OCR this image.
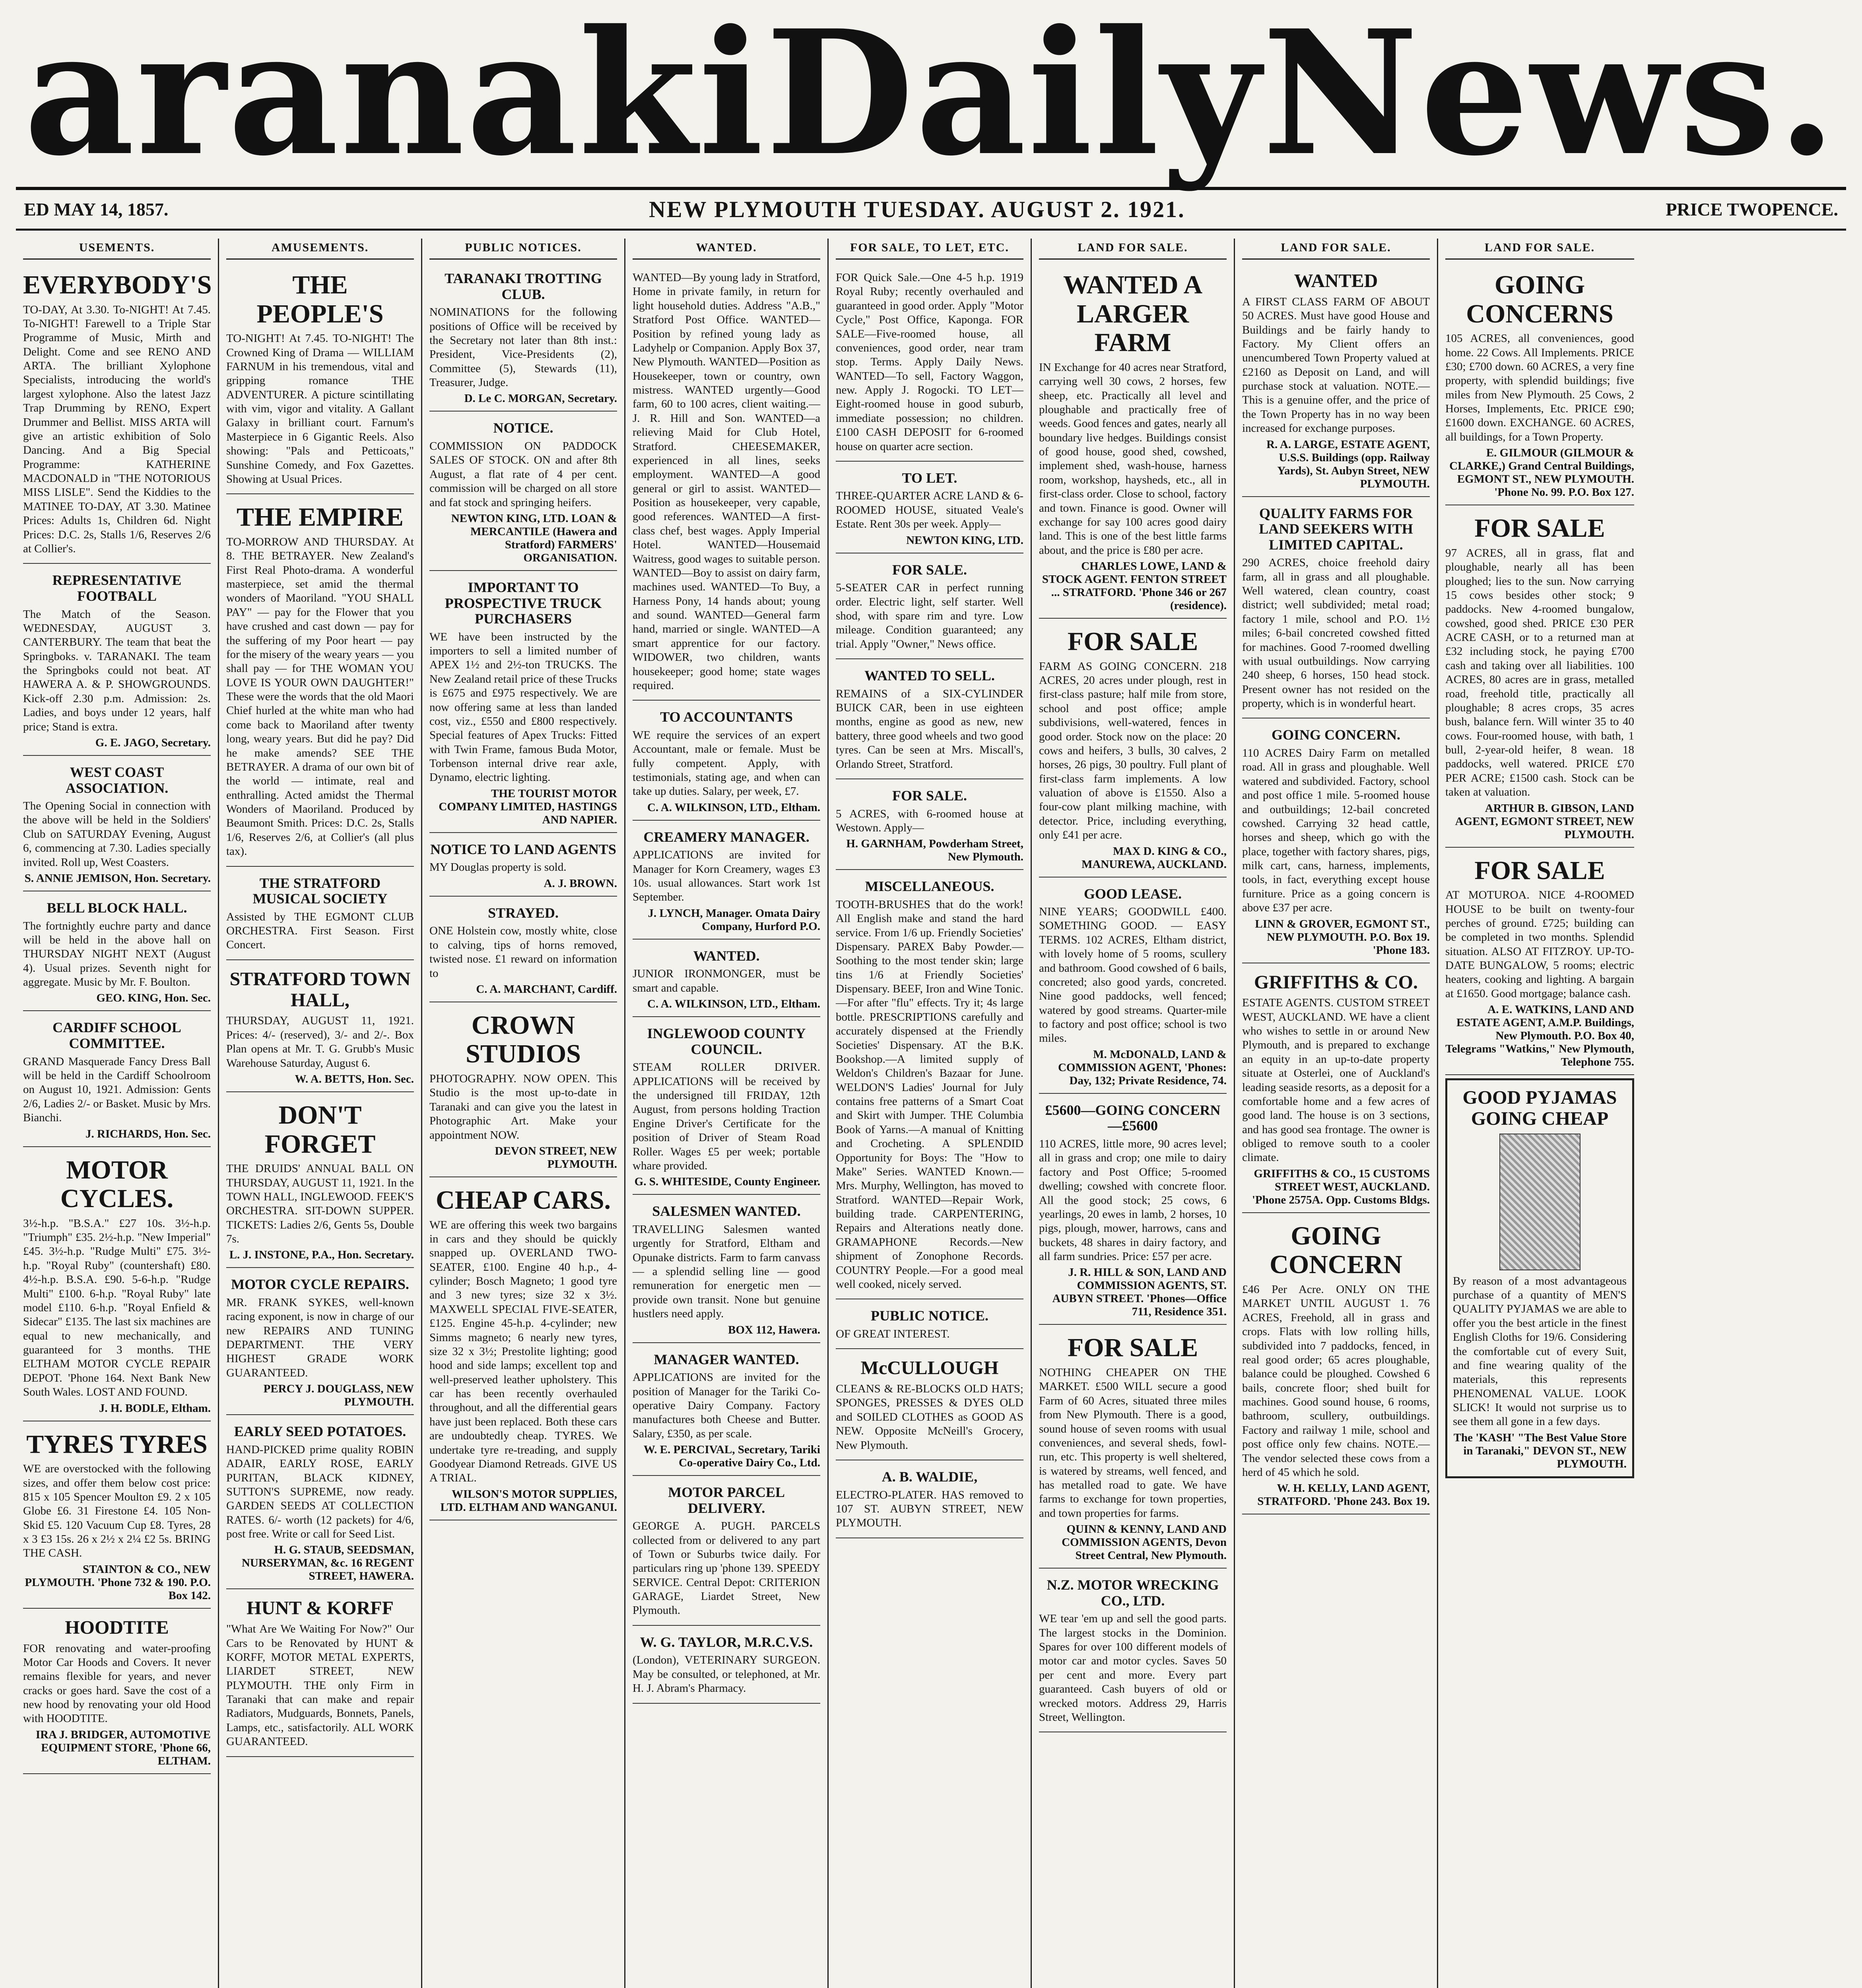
aranaki Daily News.
ED MAY 14, 1857.	NEW PLYMOUTH TUESDAY. AUGUST 2. 1921.	PRICE TWOPENCE.
USEMENTS.
EVERYBODY'S
TO-DAY, At 3.30. To-NIGHT! At 7.45. To-NIGHT! Farewell to a Triple Star Programme of Music, Mirth and Delight. Come and see RENO AND ARTA. The brilliant Xylophone Specialists, introducing the world's largest xylophone. Also the latest Jazz Trap Drumming by RENO, Expert Drummer and Bellist. MISS ARTA will give an artistic exhibition of Solo Dancing. And a Big Special Programme: KATHERINE MACDONALD in "THE NOTORIOUS MISS LISLE". Send the Kiddies to the MATINEE TO-DAY, AT 3.30. Matinee Prices: Adults 1s, Children 6d. Night Prices: D.C. 2s, Stalls 1/6, Reserves 2/6 at Collier's.
REPRESENTATIVE FOOTBALL
The Match of the Season. WEDNESDAY, AUGUST 3. CANTERBURY. The team that beat the Springboks. v. TARANAKI. The team the Springboks could not beat. AT HAWERA A. & P. SHOWGROUNDS. Kick-off 2.30 p.m. Admission: 2s. Ladies, and boys under 12 years, half price; Stand is extra.
G. E. JAGO, Secretary.
WEST COAST ASSOCIATION.
The Opening Social in connection with the above will be held in the Soldiers' Club on SATURDAY Evening, August 6, commencing at 7.30. Ladies specially invited. Roll up, West Coasters.
S. ANNIE JEMISON, Hon. Secretary.
BELL BLOCK HALL.
The fortnightly euchre party and dance will be held in the above hall on THURSDAY NIGHT NEXT (August 4). Usual prizes. Seventh night for aggregate. Music by Mr. F. Boulton.
GEO. KING, Hon. Sec.
CARDIFF SCHOOL COMMITTEE.
GRAND Masquerade Fancy Dress Ball will be held in the Cardiff Schoolroom on August 10, 1921. Admission: Gents 2/6, Ladies 2/- or Basket. Music by Mrs. Bianchi.
J. RICHARDS, Hon. Sec.
MOTOR CYCLES.
3½-h.p. "B.S.A." £27 10s. 3½-h.p. "Triumph" £35. 2½-h.p. "New Imperial" £45. 3½-h.p. "Rudge Multi" £75. 3½-h.p. "Royal Ruby" (countershaft) £80. 4½-h.p. B.S.A. £90. 5-6-h.p. "Rudge Multi" £100. 6-h.p. "Royal Ruby" late model £110. 6-h.p. "Royal Enfield & Sidecar" £135. The last six machines are equal to new mechanically, and guaranteed for 3 months. THE ELTHAM MOTOR CYCLE REPAIR DEPOT. 'Phone 164. Next Bank New South Wales. LOST AND FOUND.
J. H. BODLE, Eltham.
TYRES TYRES
WE are overstocked with the following sizes, and offer them below cost price: 815 x 105 Spencer Moulton £9. 2 x 105 Globe £6. 31 Firestone £4. 105 Non-Skid £5. 120 Vacuum Cup £8. Tyres, 28 x 3 £3 15s. 26 x 2½ x 2¼ £2 5s. BRING THE CASH.
STAINTON & CO., NEW PLYMOUTH. 'Phone 732 & 190. P.O. Box 142.
HOODTITE
FOR renovating and water-proofing Motor Car Hoods and Covers. It never remains flexible for years, and never cracks or goes hard. Save the cost of a new hood by renovating your old Hood with HOODTITE.
IRA J. BRIDGER, AUTOMOTIVE EQUIPMENT STORE, 'Phone 66, ELTHAM.
AMUSEMENTS.
THE PEOPLE'S
TO-NIGHT! At 7.45. TO-NIGHT! The Crowned King of Drama — WILLIAM FARNUM in his tremendous, vital and gripping romance THE ADVENTURER. A picture scintillating with vim, vigor and vitality. A Gallant Galaxy in brilliant court. Farnum's Masterpiece in 6 Gigantic Reels. Also showing: "Pals and Petticoats," Sunshine Comedy, and Fox Gazettes. Showing at Usual Prices.
THE EMPIRE
TO-MORROW AND THURSDAY. At 8. THE BETRAYER. New Zealand's First Real Photo-drama. A wonderful masterpiece, set amid the thermal wonders of Maoriland. "YOU SHALL PAY" — pay for the Flower that you have crushed and cast down — pay for the suffering of my Poor heart — pay for the misery of the weary years — you shall pay — for THE WOMAN YOU LOVE IS YOUR OWN DAUGHTER!" These were the words that the old Maori Chief hurled at the white man who had come back to Maoriland after twenty long, weary years. But did he pay? Did he make amends? SEE THE BETRAYER. A drama of our own bit of the world — intimate, real and enthralling. Acted amidst the Thermal Wonders of Maoriland. Produced by Beaumont Smith. Prices: D.C. 2s, Stalls 1/6, Reserves 2/6, at Collier's (all plus tax).
THE STRATFORD MUSICAL SOCIETY
Assisted by THE EGMONT CLUB ORCHESTRA. First Season. First Concert.
STRATFORD TOWN HALL,
THURSDAY, AUGUST 11, 1921. Prices: 4/- (reserved), 3/- and 2/-. Box Plan opens at Mr. T. G. Grubb's Music Warehouse Saturday, August 6.
W. A. BETTS, Hon. Sec.
DON'T FORGET
THE DRUIDS' ANNUAL BALL ON THURSDAY, AUGUST 11, 1921. In the TOWN HALL, INGLEWOOD. FEEK'S ORCHESTRA. SIT-DOWN SUPPER. TICKETS: Ladies 2/6, Gents 5s, Double 7s.
L. J. INSTONE, P.A., Hon. Secretary.
MOTOR CYCLE REPAIRS.
MR. FRANK SYKES, well-known racing exponent, is now in charge of our new REPAIRS AND TUNING DEPARTMENT. THE VERY HIGHEST GRADE WORK GUARANTEED.
PERCY J. DOUGLASS, NEW PLYMOUTH.
EARLY SEED POTATOES.
HAND-PICKED prime quality ROBIN ADAIR, EARLY ROSE, EARLY PURITAN, BLACK KIDNEY, SUTTON'S SUPREME, now ready. GARDEN SEEDS AT COLLECTION RATES. 6/- worth (12 packets) for 4/6, post free. Write or call for Seed List.
H. G. STAUB, SEEDSMAN, NURSERYMAN, &c. 16 REGENT STREET, HAWERA.
HUNT & KORFF
"What Are We Waiting For Now?" Our Cars to be Renovated by HUNT & KORFF, MOTOR METAL EXPERTS, LIARDET STREET, NEW PLYMOUTH. THE only Firm in Taranaki that can make and repair Radiators, Mudguards, Bonnets, Panels, Lamps, etc., satisfactorily. ALL WORK GUARANTEED.
PUBLIC NOTICES.
TARANAKI TROTTING CLUB.
NOMINATIONS for the following positions of Office will be received by the Secretary not later than 8th inst.: President, Vice-Presidents (2), Committee (5), Stewards (11), Treasurer, Judge.
D. Le C. MORGAN, Secretary.
NOTICE.
COMMISSION ON PADDOCK SALES OF STOCK. ON and after 8th August, a flat rate of 4 per cent. commission will be charged on all store and fat stock and springing heifers.
NEWTON KING, LTD. LOAN & MERCANTILE (Hawera and Stratford) FARMERS' ORGANISATION.
IMPORTANT TO PROSPECTIVE TRUCK PURCHASERS
WE have been instructed by the importers to sell a limited number of APEX 1½ and 2½-ton TRUCKS. The New Zealand retail price of these Trucks is £675 and £975 respectively. We are now offering same at less than landed cost, viz., £550 and £800 respectively. Special features of Apex Trucks: Fitted with Twin Frame, famous Buda Motor, Torbenson internal drive rear axle, Dynamo, electric lighting.
THE TOURIST MOTOR COMPANY LIMITED, HASTINGS AND NAPIER.
NOTICE TO LAND AGENTS
MY Douglas property is sold.
A. J. BROWN.
STRAYED.
ONE Holstein cow, mostly white, close to calving, tips of horns removed, twisted nose. £1 reward on information to
C. A. MARCHANT, Cardiff.
CROWN STUDIOS
PHOTOGRAPHY. NOW OPEN. This Studio is the most up-to-date in Taranaki and can give you the latest in Photographic Art. Make your appointment NOW.
DEVON STREET, NEW PLYMOUTH.
CHEAP CARS.
WE are offering this week two bargains in cars and they should be quickly snapped up. OVERLAND TWO-SEATER, £100. Engine 40 h.p., 4-cylinder; Bosch Magneto; 1 good tyre and 3 new tyres; size 32 x 3½. MAXWELL SPECIAL FIVE-SEATER, £125. Engine 45-h.p. 4-cylinder; new Simms magneto; 6 nearly new tyres, size 32 x 3½; Prestolite lighting; good hood and side lamps; excellent top and well-preserved leather upholstery. This car has been recently overhauled throughout, and all the differential gears have just been replaced. Both these cars are undoubtedly cheap. TYRES. We undertake tyre re-treading, and supply Goodyear Diamond Retreads. GIVE US A TRIAL.
WILSON'S MOTOR SUPPLIES, LTD. ELTHAM AND WANGANUI.
WANTED.
WANTED—By young lady in Stratford, Home in private family, in return for light household duties. Address "A.B.," Stratford Post Office. WANTED—Position by refined young lady as Ladyhelp or Companion. Apply Box 37, New Plymouth. WANTED—Position as Housekeeper, town or country, own mistress. WANTED urgently—Good farm, 60 to 100 acres, client waiting.—J. R. Hill and Son. WANTED—a relieving Maid for Club Hotel, Stratford. CHEESEMAKER, experienced in all lines, seeks employment. WANTED—A good general or girl to assist. WANTED—Position as housekeeper, very capable, good references. WANTED—A first-class chef, best wages. Apply Imperial Hotel. WANTED—Housemaid Waitress, good wages to suitable person. WANTED—Boy to assist on dairy farm, machines used. WANTED—To Buy, a Harness Pony, 14 hands about; young and sound. WANTED—General farm hand, married or single. WANTED—A smart apprentice for our factory. WIDOWER, two children, wants housekeeper; good home; state wages required.
TO ACCOUNTANTS
WE require the services of an expert Accountant, male or female. Must be fully competent. Apply, with testimonials, stating age, and when can take up duties. Salary, per week, £7.
C. A. WILKINSON, LTD., Eltham.
CREAMERY MANAGER.
APPLICATIONS are invited for Manager for Korn Creamery, wages £3 10s. usual allowances. Start work 1st September.
J. LYNCH, Manager. Omata Dairy Company, Hurford P.O.
WANTED.
JUNIOR IRONMONGER, must be smart and capable.
C. A. WILKINSON, LTD., Eltham.
INGLEWOOD COUNTY COUNCIL.
STEAM ROLLER DRIVER. APPLICATIONS will be received by the undersigned till FRIDAY, 12th August, from persons holding Traction Engine Driver's Certificate for the position of Driver of Steam Road Roller. Wages £5 per week; portable whare provided.
G. S. WHITESIDE, County Engineer.
SALESMEN WANTED.
TRAVELLING Salesmen wanted urgently for Stratford, Eltham and Opunake districts. Farm to farm canvass — a splendid selling line — good remuneration for energetic men — provide own transit. None but genuine hustlers need apply.
BOX 112, Hawera.
MANAGER WANTED.
APPLICATIONS are invited for the position of Manager for the Tariki Co-operative Dairy Company. Factory manufactures both Cheese and Butter. Salary, £350, as per scale.
W. E. PERCIVAL, Secretary, Tariki Co-operative Dairy Co., Ltd.
MOTOR PARCEL DELIVERY.
GEORGE A. PUGH. PARCELS collected from or delivered to any part of Town or Suburbs twice daily. For particulars ring up 'phone 139. SPEEDY SERVICE. Central Depot: CRITERION GARAGE, Liardet Street, New Plymouth.
W. G. TAYLOR, M.R.C.V.S.
(London), VETERINARY SURGEON. May be consulted, or telephoned, at Mr. H. J. Abram's Pharmacy.
FOR SALE, TO LET, ETC.
FOR Quick Sale.—One 4-5 h.p. 1919 Royal Ruby; recently overhauled and guaranteed in good order. Apply "Motor Cycle," Post Office, Kaponga. FOR SALE—Five-roomed house, all conveniences, good order, near tram stop. Terms. Apply Daily News. WANTED—To sell, Factory Waggon, new. Apply J. Rogocki. TO LET—Eight-roomed house in good suburb, immediate possession; no children. £100 CASH DEPOSIT for 6-roomed house on quarter acre section.
TO LET.
THREE-QUARTER ACRE LAND & 6-ROOMED HOUSE, situated Veale's Estate. Rent 30s per week. Apply—
NEWTON KING, LTD.
FOR SALE.
5-SEATER CAR in perfect running order. Electric light, self starter. Well shod, with spare rim and tyre. Low mileage. Condition guaranteed; any trial. Apply "Owner," News office.
WANTED TO SELL.
REMAINS of a SIX-CYLINDER BUICK CAR, been in use eighteen months, engine as good as new, new battery, three good wheels and two good tyres. Can be seen at Mrs. Miscall's, Orlando Street, Stratford.
FOR SALE.
5 ACRES, with 6-roomed house at Westown. Apply—
H. GARNHAM, Powderham Street, New Plymouth.
MISCELLANEOUS.
TOOTH-BRUSHES that do the work! All English make and stand the hard service. From 1/6 up. Friendly Societies' Dispensary. PAREX Baby Powder.—Soothing to the most tender skin; large tins 1/6 at Friendly Societies' Dispensary. BEEF, Iron and Wine Tonic.—For after "flu" effects. Try it; 4s large bottle. PRESCRIPTIONS carefully and accurately dispensed at the Friendly Societies' Dispensary. AT the B.K. Bookshop.—A limited supply of Weldon's Children's Bazaar for June. WELDON'S Ladies' Journal for July contains free patterns of a Smart Coat and Skirt with Jumper. THE Columbia Book of Yarns.—A manual of Knitting and Crocheting. A SPLENDID Opportunity for Boys: The "How to Make" Series. WANTED Known.—Mrs. Murphy, Wellington, has moved to Stratford. WANTED—Repair Work, building trade. CARPENTERING, Repairs and Alterations neatly done. GRAMAPHONE Records.—New shipment of Zonophone Records. COUNTRY People.—For a good meal well cooked, nicely served.
PUBLIC NOTICE.
OF GREAT INTEREST.
McCULLOUGH
CLEANS & RE-BLOCKS OLD HATS; SPONGES, PRESSES & DYES OLD and SOILED CLOTHES as GOOD AS NEW. Opposite McNeill's Grocery, New Plymouth.
A. B. WALDIE,
ELECTRO-PLATER. HAS removed to 107 ST. AUBYN STREET, NEW PLYMOUTH.
LAND FOR SALE.
WANTED A LARGER FARM
IN Exchange for 40 acres near Stratford, carrying well 30 cows, 2 horses, few sheep, etc. Practically all level and ploughable and practically free of weeds. Good fences and gates, nearly all boundary live hedges. Buildings consist of good house, good shed, cowshed, implement shed, wash-house, harness room, workshop, haysheds, etc., all in first-class order. Close to school, factory and town. Finance is good. Owner will exchange for say 100 acres good dairy land. This is one of the best little farms about, and the price is £80 per acre.
CHARLES LOWE, LAND & STOCK AGENT. FENTON STREET ... STRATFORD. 'Phone 346 or 267 (residence).
FOR SALE
FARM AS GOING CONCERN. 218 ACRES, 20 acres under plough, rest in first-class pasture; half mile from store, school and post office; ample subdivisions, well-watered, fences in good order. Stock now on the place: 20 cows and heifers, 3 bulls, 30 calves, 2 horses, 26 pigs, 30 poultry. Full plant of first-class farm implements. A low valuation of above is £1550. Also a four-cow plant milking machine, with detector. Price, including everything, only £41 per acre.
MAX D. KING & CO., MANUREWA, AUCKLAND.
GOOD LEASE.
NINE YEARS; GOODWILL £400. SOMETHING GOOD. — EASY TERMS. 102 ACRES, Eltham district, with lovely home of 5 rooms, scullery and bathroom. Good cowshed of 6 bails, concreted; also good yards, concreted. Nine good paddocks, well fenced; watered by good streams. Quarter-mile to factory and post office; school is two miles.
M. McDONALD, LAND & COMMISSION AGENT, 'Phones: Day, 132; Private Residence, 74.
£5600—GOING CONCERN—£5600
110 ACRES, little more, 90 acres level; all in grass and crop; one mile to dairy factory and Post Office; 5-roomed dwelling; cowshed with concrete floor. All the good stock; 25 cows, 6 yearlings, 20 ewes in lamb, 2 horses, 10 pigs, plough, mower, harrows, cans and buckets, 48 shares in dairy factory, and all farm sundries. Price: £57 per acre.
J. R. HILL & SON, LAND AND COMMISSION AGENTS, ST. AUBYN STREET. 'Phones—Office 711, Residence 351.
FOR SALE
NOTHING CHEAPER ON THE MARKET. £500 WILL secure a good Farm of 60 Acres, situated three miles from New Plymouth. There is a good, sound house of seven rooms with usual conveniences, and several sheds, fowl-run, etc. This property is well sheltered, is watered by streams, well fenced, and has metalled road to gate. We have farms to exchange for town properties, and town properties for farms.
QUINN & KENNY, LAND AND COMMISSION AGENTS, Devon Street Central, New Plymouth.
N.Z. MOTOR WRECKING CO., LTD.
WE tear 'em up and sell the good parts. The largest stocks in the Dominion. Spares for over 100 different models of motor car and motor cycles. Saves 50 per cent and more. Every part guaranteed. Cash buyers of old or wrecked motors. Address 29, Harris Street, Wellington.
LAND FOR SALE.
WANTED
A FIRST CLASS FARM OF ABOUT 50 ACRES. Must have good House and Buildings and be fairly handy to Factory. My Client offers an unencumbered Town Property valued at £2160 as Deposit on Land, and will purchase stock at valuation. NOTE.—This is a genuine offer, and the price of the Town Property has in no way been increased for exchange purposes.
R. A. LARGE, ESTATE AGENT, U.S.S. Buildings (opp. Railway Yards), St. Aubyn Street, NEW PLYMOUTH.
QUALITY FARMS FOR LAND SEEKERS WITH LIMITED CAPITAL.
290 ACRES, choice freehold dairy farm, all in grass and all ploughable. Well watered, clean country, coast district; well subdivided; metal road; factory 1 mile, school and P.O. 1½ miles; 6-bail concreted cowshed fitted for machines. Good 7-roomed dwelling with usual outbuildings. Now carrying 240 sheep, 6 horses, 150 head stock. Present owner has not resided on the property, which is in wonderful heart.
GOING CONCERN.
110 ACRES Dairy Farm on metalled road. All in grass and ploughable. Well watered and subdivided. Factory, school and post office 1 mile. 5-roomed house and outbuildings; 12-bail concreted cowshed. Carrying 32 head cattle, horses and sheep, which go with the place, together with factory shares, pigs, milk cart, cans, harness, implements, tools, in fact, everything except house furniture. Price as a going concern is above £37 per acre.
LINN & GROVER, EGMONT ST., NEW PLYMOUTH. P.O. Box 19. 'Phone 183.
GRIFFITHS & CO.
ESTATE AGENTS. CUSTOM STREET WEST, AUCKLAND. WE have a client who wishes to settle in or around New Plymouth, and is prepared to exchange an equity in an up-to-date property situate at Osterlei, one of Auckland's leading seaside resorts, as a deposit for a comfortable home and a few acres of good land. The house is on 3 sections, and has good sea frontage. The owner is obliged to remove south to a cooler climate.
GRIFFITHS & CO., 15 CUSTOMS STREET WEST, AUCKLAND. 'Phone 2575A. Opp. Customs Bldgs.
GOING CONCERN
£46 Per Acre. ONLY ON THE MARKET UNTIL AUGUST 1. 76 ACRES, Freehold, all in grass and crops. Flats with low rolling hills, subdivided into 7 paddocks, fenced, in real good order; 65 acres ploughable, balance could be ploughed. Cowshed 6 bails, concrete floor; shed built for machines. Good sound house, 6 rooms, bathroom, scullery, outbuildings. Factory and railway 1 mile, school and post office only few chains. NOTE.—The vendor selected these cows from a herd of 45 which he sold.
W. H. KELLY, LAND AGENT, STRATFORD. 'Phone 243. Box 19.
LAND FOR SALE.
GOING CONCERNS
105 ACRES, all conveniences, good home. 22 Cows. All Implements. PRICE £30; £700 down. 60 ACRES, a very fine property, with splendid buildings; five miles from New Plymouth. 25 Cows, 2 Horses, Implements, Etc. PRICE £90; £1600 down. EXCHANGE. 60 ACRES, all buildings, for a Town Property.
E. GILMOUR (GILMOUR & CLARKE,) Grand Central Buildings, EGMONT ST., NEW PLYMOUTH. 'Phone No. 99. P.O. Box 127.
FOR SALE
97 ACRES, all in grass, flat and ploughable, nearly all has been ploughed; lies to the sun. Now carrying 15 cows besides other stock; 9 paddocks. New 4-roomed bungalow, cowshed, good shed. PRICE £30 PER ACRE CASH, or to a returned man at £32 including stock, he paying £700 cash and taking over all liabilities. 100 ACRES, 80 acres are in grass, metalled road, freehold title, practically all ploughable; 8 acres crops, 35 acres bush, balance fern. Will winter 35 to 40 cows. Four-roomed house, with bath, 1 bull, 2-year-old heifer, 8 wean. 18 paddocks, well watered. PRICE £70 PER ACRE; £1500 cash. Stock can be taken at valuation.
ARTHUR B. GIBSON, LAND AGENT, EGMONT STREET, NEW PLYMOUTH.
FOR SALE
AT MOTUROA. NICE 4-ROOMED HOUSE to be built on twenty-four perches of ground. £725; building can be completed in two months. Splendid situation. ALSO AT FITZROY. UP-TO-DATE BUNGALOW, 5 rooms; electric heaters, cooking and lighting. A bargain at £1650. Good mortgage; balance cash.
A. E. WATKINS, LAND AND ESTATE AGENT, A.M.P. Buildings, New Plymouth. P.O. Box 40, Telegrams "Watkins," New Plymouth, Telephone 755.
GOOD PYJAMAS GOING CHEAP
By reason of a most advantageous purchase of a quantity of MEN'S QUALITY PYJAMAS we are able to offer you the best article in the finest English Cloths for 19/6. Considering the comfortable cut of every Suit, and fine wearing quality of the materials, this represents PHENOMENAL VALUE. LOOK SLICK! It would not surprise us to see them all gone in a few days.
The 'KASH' "The Best Value Store in Taranaki," DEVON ST., NEW PLYMOUTH.
